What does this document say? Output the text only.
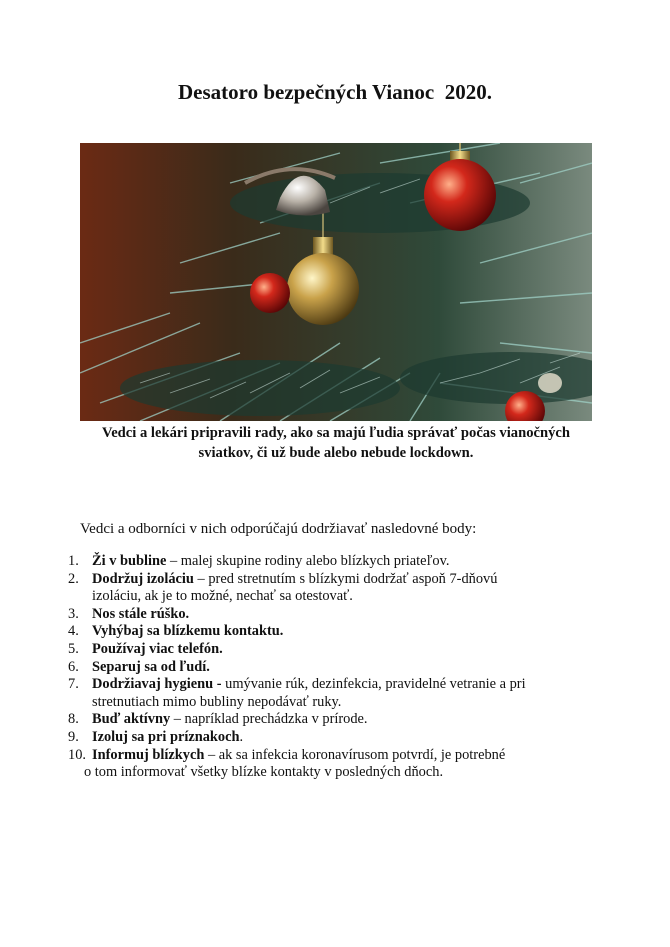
Desatoro bezpečných Vianoc  2020.

Vedci a lekári pripravili rady, ako sa majú ľudia správať počas vianočných sviatkov, či už bude alebo nebude lockdown.

Vedci a odborníci v nich odporúčajú dodržiavať nasledovné body:

1. Ži v bubline – malej skupine rodiny alebo blízkych priateľov.
2. Dodržuj izoláciu – pred stretnutím s blízkymi dodržať aspoň 7-dňovú
izoláciu, ak je to možné, nechať sa otestovať.
3. Nos stále rúško.
4. Vyhýbaj sa blízkemu kontaktu.
5. Používaj viac telefón.
6. Separuj sa od ľudí.
7. Dodržiavaj hygienu - umývanie rúk, dezinfekcia, pravidelné vetranie a pri
stretnutiach mimo bubliny nepodávať ruky.
8. Buď aktívny – napríklad prechádzka v prírode.
9. Izoluj sa pri príznakoch.
10. Informuj blízkych – ak sa infekcia koronavírusom potvrdí, je potrebné
o tom informovať všetky blízke kontakty v posledných dňoch.
